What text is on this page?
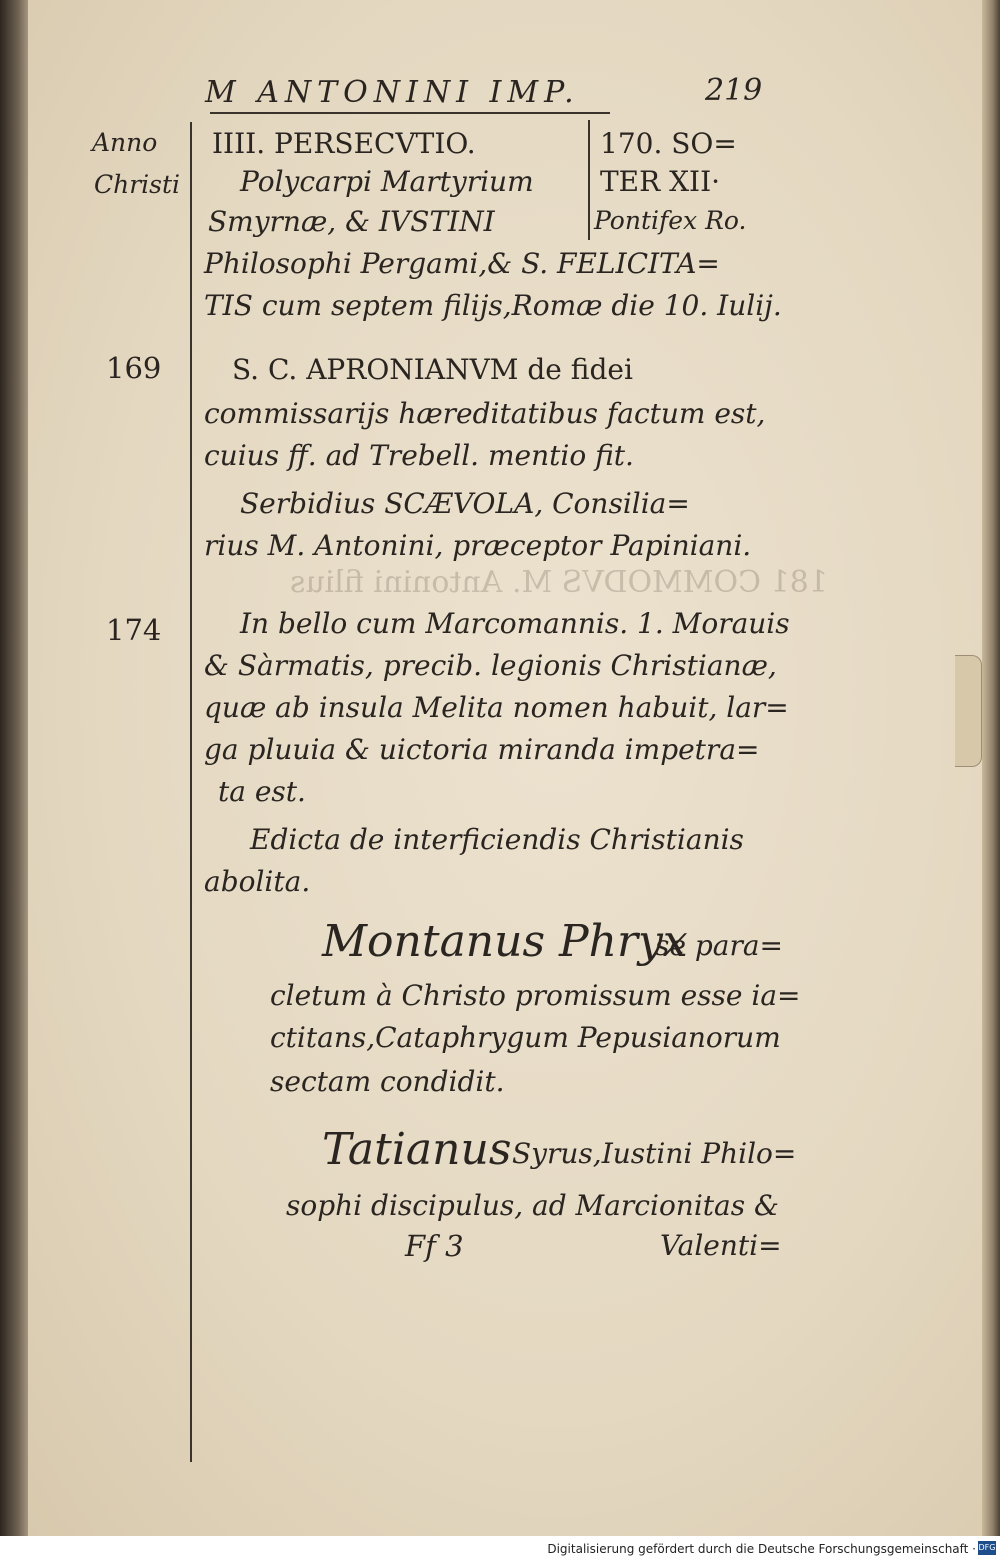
181 COMMODVS M. Antonini filius
M ANTONINI IMP.	219
Anno
Christi
169
174
IIII. PERSECVTIO.
Polycarpi Martyrium
Smyrnæ, & IVSTINI
170. SO=
TER XII·
Pontifex Ro.
Philosophi Pergami,& S. FELICITA=
TIS cum septem filijs,Romæ die 10. Iulij.
S. C. APRONIANVM de fidei
commissarijs hæreditatibus factum est,
cuius ff. ad Trebell. mentio fit.
Serbidius SCÆVOLA, Consilia=
rius M. Antonini, præceptor Papiniani.
In bello cum Marcomannis. 1. Morauis
& Sàrmatis, precib. legionis Christianæ,
quæ ab insula Melita nomen habuit, lar=
ga pluuia & uictoria miranda impetra=
ta est.
Edicta de interficiendis Christianis
abolita.
Montanus Phryx
se para=
cletum à Christo promissum esse ia=
ctitans,Cataphrygum Pepusianorum
sectam condidit.
Tatianus Syrus,Iustini Philo=
sophi discipulus, ad Marcionitas &
Ff 3	Valenti=
Digitalisierung gefördert durch die Deutsche Forschungsgemeinschaft · DFG
